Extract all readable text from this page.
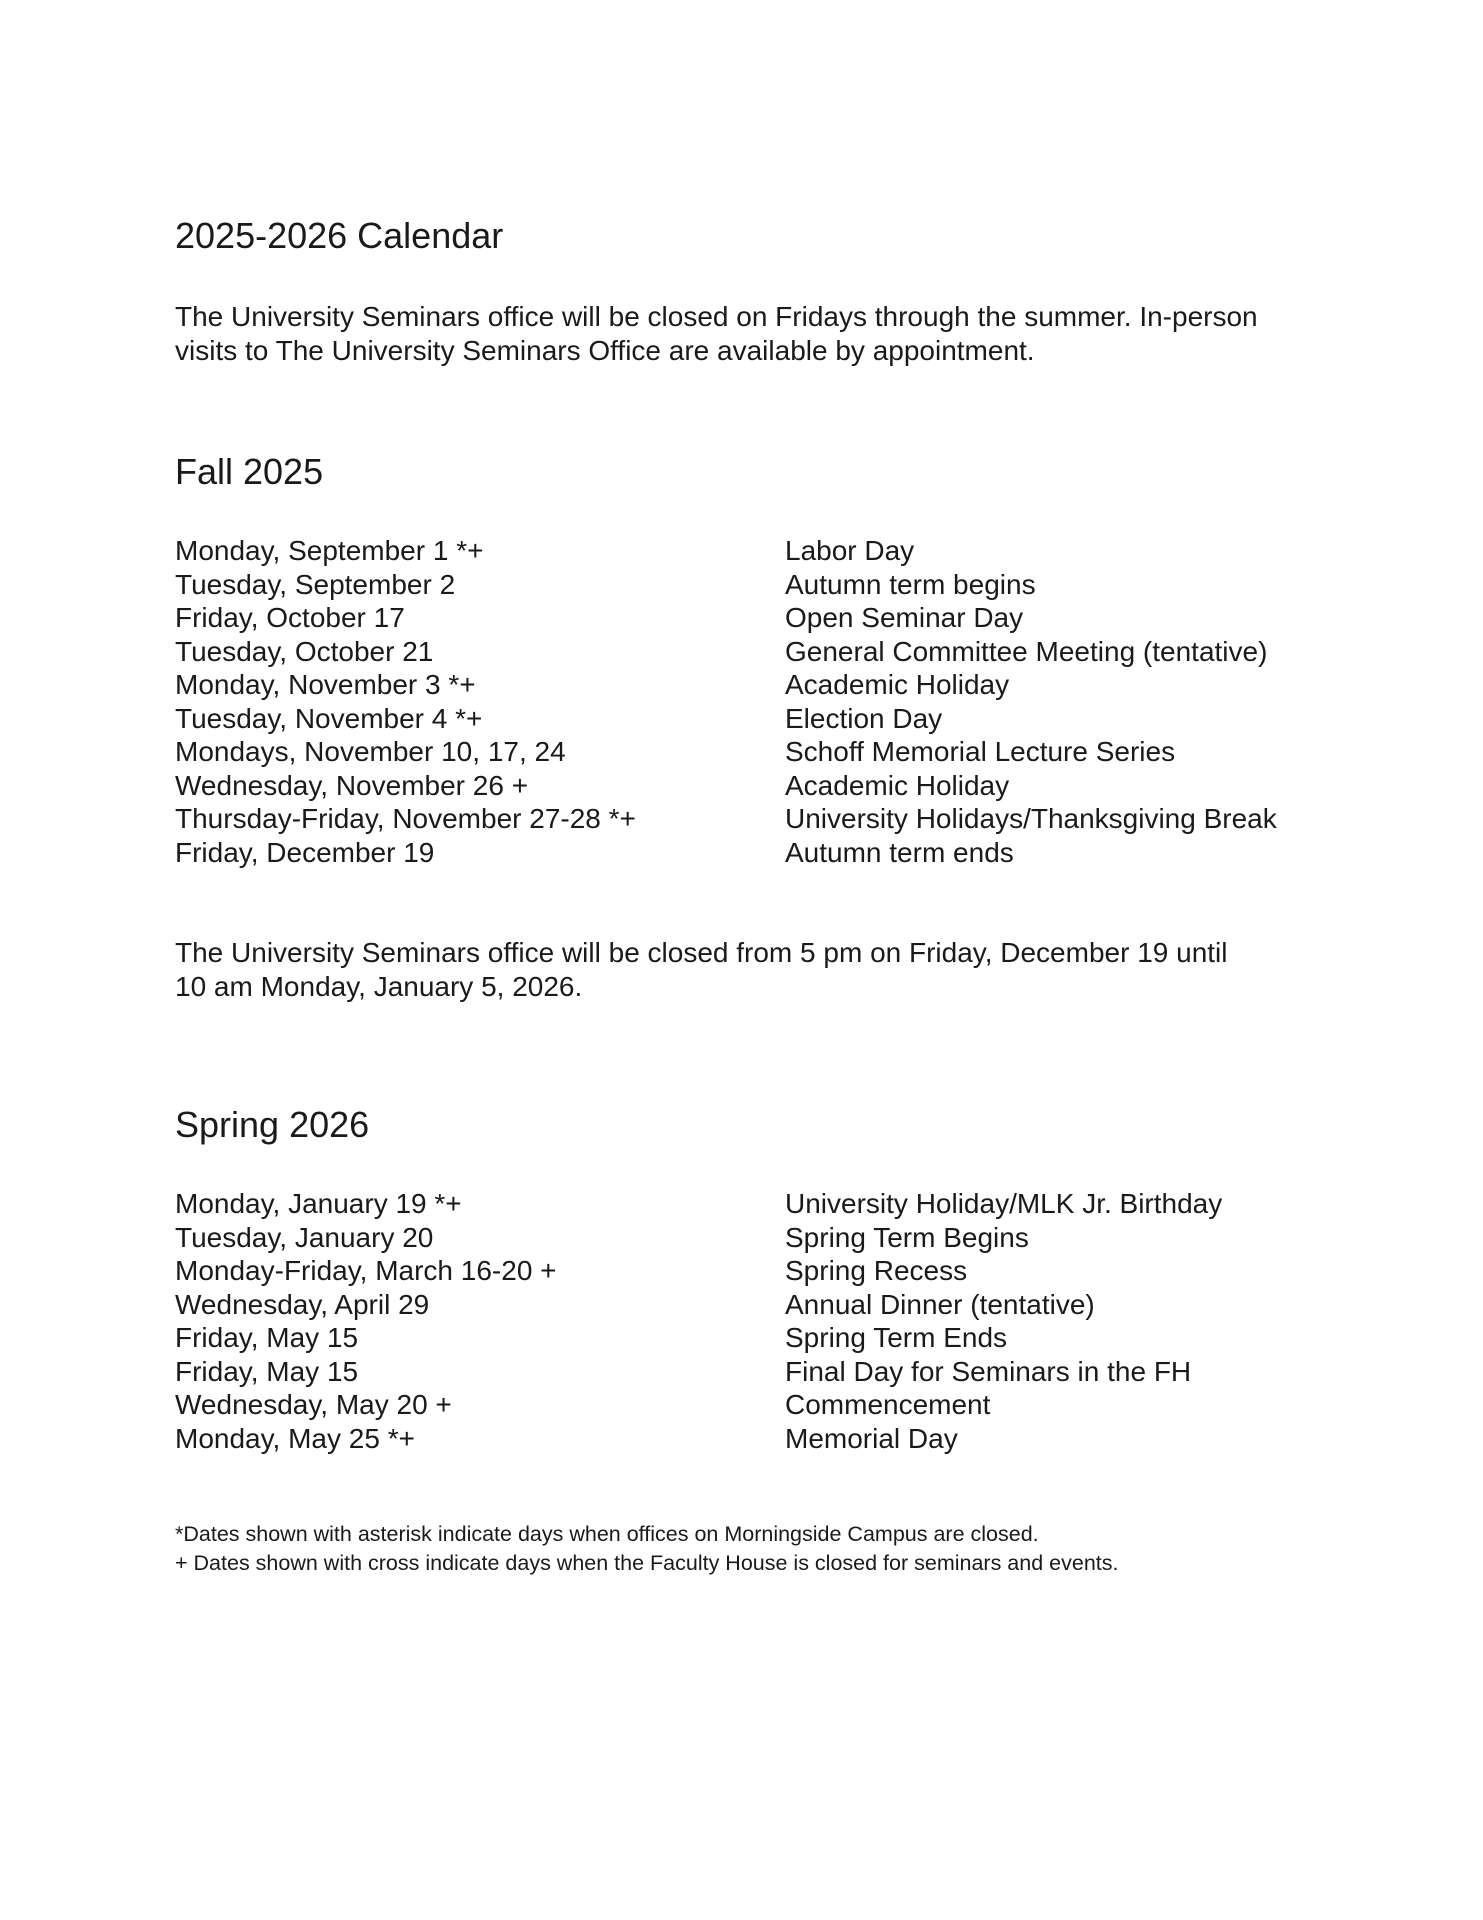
2025-2026 Calendar
The University Seminars office will be closed on Fridays through the summer. In-person
visits to The University Seminars Office are available by appointment.
Fall 2025
Monday, September 1 *+	Labor Day
Tuesday, September 2	Autumn term begins
Friday, October 17	Open Seminar Day
Tuesday, October 21	General Committee Meeting (tentative)
Monday, November 3 *+	Academic Holiday
Tuesday, November 4 *+	Election Day
Mondays, November 10, 17, 24	Schoff Memorial Lecture Series
Wednesday, November 26 +	Academic Holiday
Thursday-Friday, November 27-28 *+	University Holidays/Thanksgiving Break
Friday, December 19	Autumn term ends
The University Seminars office will be closed from 5 pm on Friday, December 19 until
10 am Monday, January 5, 2026.
Spring 2026
Monday, January 19 *+	University Holiday/MLK Jr. Birthday
Tuesday, January 20	Spring Term Begins
Monday-Friday, March 16-20 +	Spring Recess
Wednesday, April 29	Annual Dinner (tentative)
Friday, May 15	Spring Term Ends
Friday, May 15	Final Day for Seminars in the FH
Wednesday, May 20 +	Commencement
Monday, May 25 *+	Memorial Day
*Dates shown with asterisk indicate days when offices on Morningside Campus are closed.
+ Dates shown with cross indicate days when the Faculty House is closed for seminars and events.
